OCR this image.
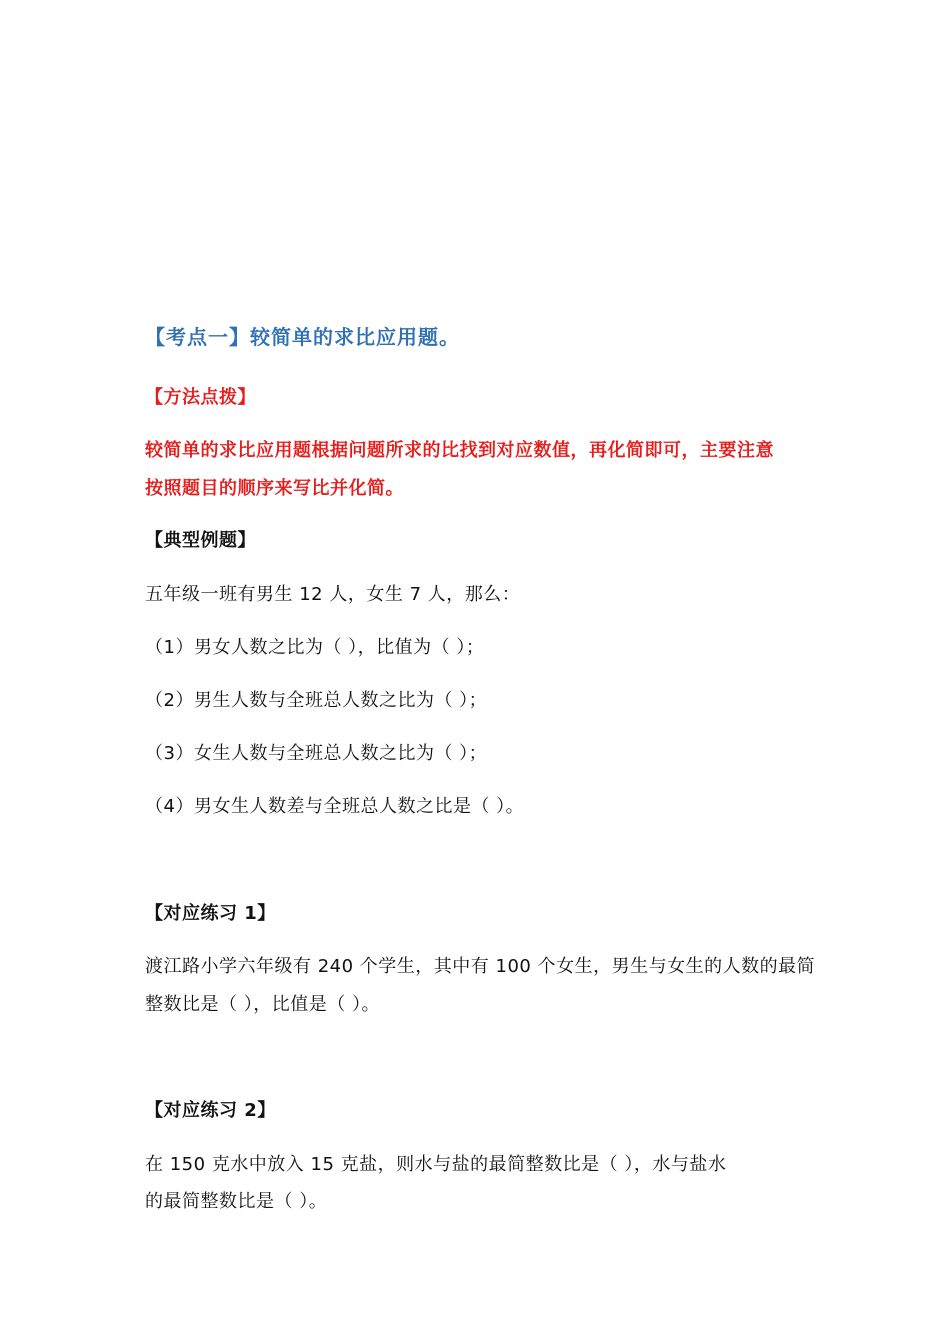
【考点一】较简单的求比应用题。
【方法点拨】
较简单的求比应用题根据问题所求的比找到对应数值，再化简即可，主要注意
按照题目的顺序来写比并化简。
【典型例题】
五年级一班有男生 12 人，女生 7 人，那么：
（1）男女人数之比为（ ），比值为（ ）；
（2）男生人数与全班总人数之比为（ ）；
（3）女生人数与全班总人数之比为（ ）；
（4）男女生人数差与全班总人数之比是（ ）。
【对应练习 1】
渡江路小学六年级有 240 个学生，其中有 100 个女生，男生与女生的人数的最简
整数比是（ ），比值是（ ）。
【对应练习 2】
在 150 克水中放入 15 克盐，则水与盐的最简整数比是（ ），水与盐水
的最简整数比是（ ）。
